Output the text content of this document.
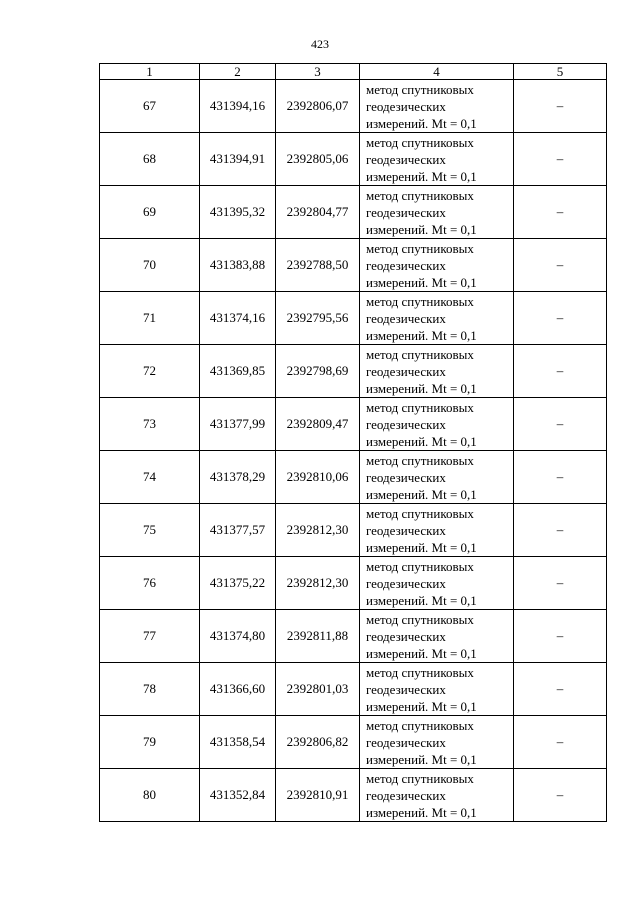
423
1	2	3	4	5
67	431394,16	2392806,07	метод спутниковых
геодезических
измерений. Mt = 0,1	–
68	431394,91	2392805,06	метод спутниковых
геодезических
измерений. Mt = 0,1	–
69	431395,32	2392804,77	метод спутниковых
геодезических
измерений. Mt = 0,1	–
70	431383,88	2392788,50	метод спутниковых
геодезических
измерений. Mt = 0,1	–
71	431374,16	2392795,56	метод спутниковых
геодезических
измерений. Mt = 0,1	–
72	431369,85	2392798,69	метод спутниковых
геодезических
измерений. Mt = 0,1	–
73	431377,99	2392809,47	метод спутниковых
геодезических
измерений. Mt = 0,1	–
74	431378,29	2392810,06	метод спутниковых
геодезических
измерений. Mt = 0,1	–
75	431377,57	2392812,30	метод спутниковых
геодезических
измерений. Mt = 0,1	–
76	431375,22	2392812,30	метод спутниковых
геодезических
измерений. Mt = 0,1	–
77	431374,80	2392811,88	метод спутниковых
геодезических
измерений. Mt = 0,1	–
78	431366,60	2392801,03	метод спутниковых
геодезических
измерений. Mt = 0,1	–
79	431358,54	2392806,82	метод спутниковых
геодезических
измерений. Mt = 0,1	–
80	431352,84	2392810,91	метод спутниковых
геодезических
измерений. Mt = 0,1	–
